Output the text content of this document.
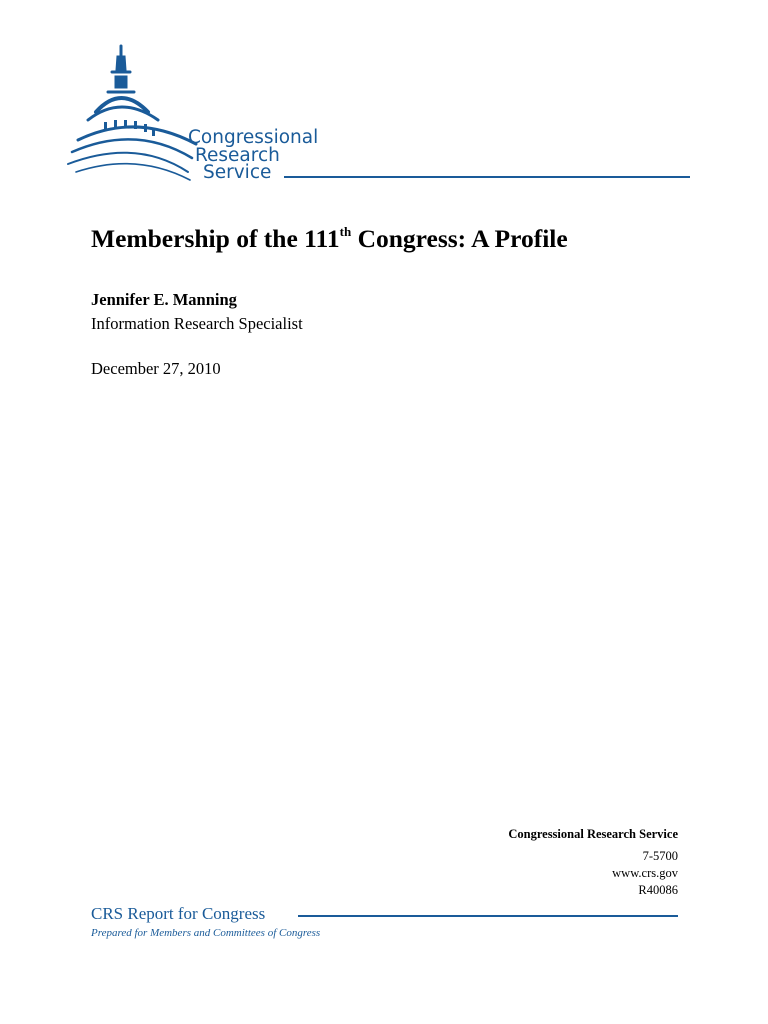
Congressional
Research
Service
Membership of the 111th Congress: A Profile
Jennifer E. Manning
Information Research Specialist
December 27, 2010
Congressional Research Service
7-5700
www.crs.gov
R40086
CRS Report for Congress
Prepared for Members and Committees of Congress
